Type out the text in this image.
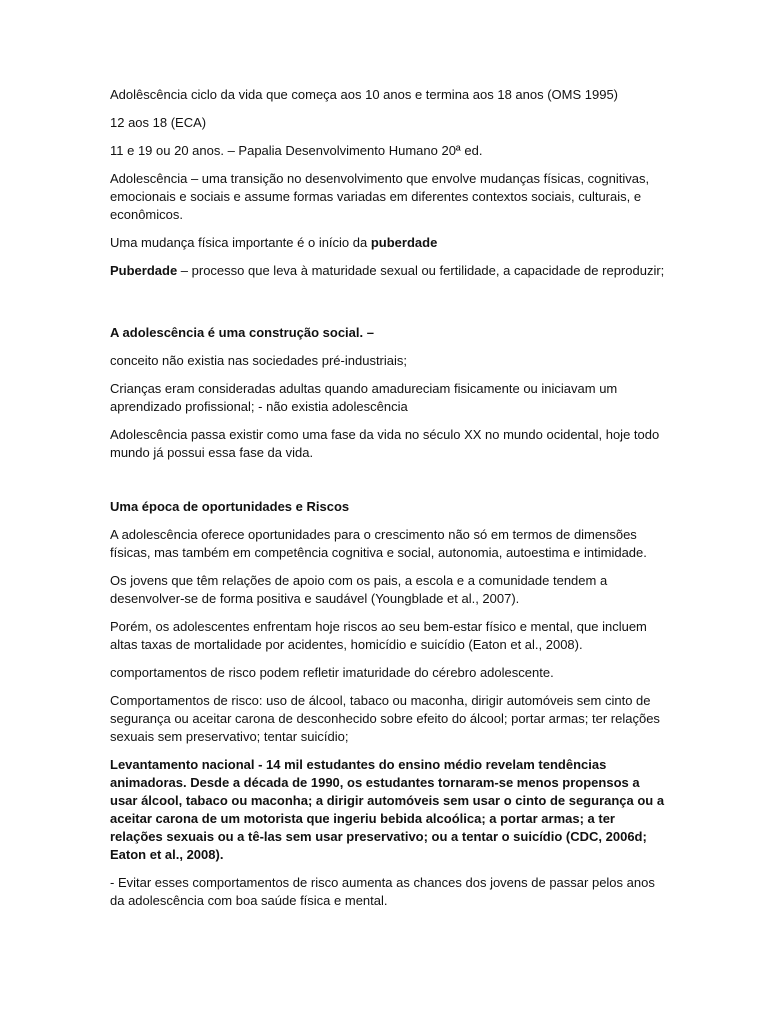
Adolêscência ciclo da vida que começa aos 10 anos e termina aos 18 anos (OMS 1995)

12 aos 18 (ECA)

11 e 19 ou 20 anos. – Papalia Desenvolvimento Humano 20ª ed.

Adolescência – uma transição no desenvolvimento que envolve mudanças físicas, cognitivas, emocionais e sociais e assume formas variadas em diferentes contextos sociais, culturais, e econômicos.

Uma mudança física importante é o início da puberdade

Puberdade – processo que leva à maturidade sexual ou fertilidade, a capacidade de reproduzir;

A adolescência é uma construção social. –

conceito não existia nas sociedades pré-industriais;

Crianças eram consideradas adultas quando amadureciam fisicamente ou iniciavam um aprendizado profissional; - não existia adolescência

Adolescência passa existir como uma fase da vida no século XX no mundo ocidental, hoje todo mundo já possui essa fase da vida.

Uma época de oportunidades e Riscos

A adolescência oferece oportunidades para o crescimento não só em termos de dimensões físicas, mas também em competência cognitiva e social, autonomia, autoestima e intimidade.

Os jovens que têm relações de apoio com os pais, a escola e a comunidade tendem a desenvolver-se de forma positiva e saudável (Youngblade et al., 2007).

Porém, os adolescentes enfrentam hoje riscos ao seu bem-estar físico e mental, que incluem altas taxas de mortalidade por acidentes, homicídio e suicídio (Eaton et al., 2008).

comportamentos de risco podem refletir imaturidade do cérebro adolescente.

Comportamentos de risco: uso de álcool, tabaco ou maconha, dirigir automóveis sem cinto de segurança ou aceitar carona de desconhecido sobre efeito do álcool; portar armas; ter relações sexuais sem preservativo; tentar suicídio;

Levantamento nacional - 14 mil estudantes do ensino médio revelam tendências animadoras. Desde a década de 1990, os estudantes tornaram-se menos propensos a usar álcool, tabaco ou maconha; a dirigir automóveis sem usar o cinto de segurança ou a aceitar carona de um motorista que ingeriu bebida alcoólica; a portar armas; a ter relações sexuais ou a tê-las sem usar preservativo; ou a tentar o suicídio (CDC, 2006d; Eaton et al., 2008).

- Evitar esses comportamentos de risco aumenta as chances dos jovens de passar pelos anos da adolescência com boa saúde física e mental.
